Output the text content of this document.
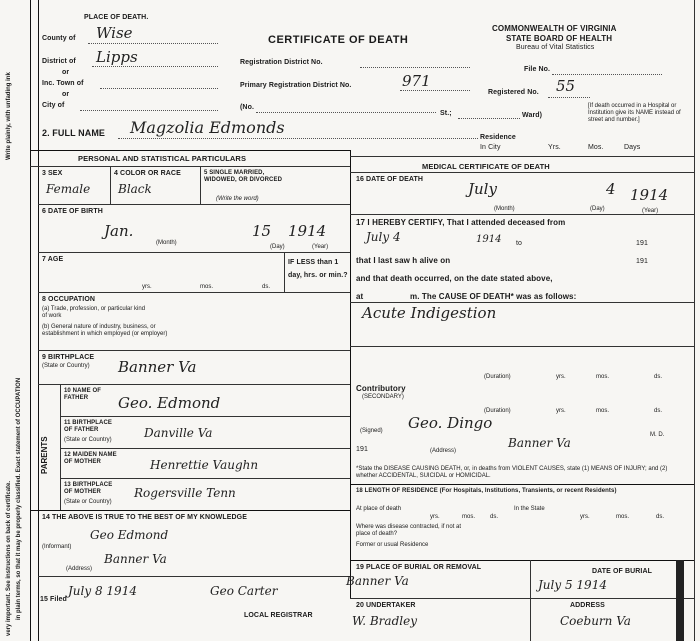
very important. See instructions on back of certificate. in plain terms, so that it may be properly classified. Exact statement of OCCUPATION
Write plainly, with unfading ink
PLACE OF DEATH.
County of Wise
District of Lipps
or
Inc. Town of
or
City of
CERTIFICATE OF DEATH
Registration District No.
Primary Registration District No.	971
(No.
St.;	Ward)
COMMONWEALTH OF VIRGINIA
STATE BOARD OF HEALTH
Bureau of Vital Statistics
File No.
Registered No. 55
[If death occurred in a Hospital or Institution give its NAME instead of street and number.]
2. FULL NAME Magzolia Edmonds
Residence
In City	Yrs.	Mos.	Days
PERSONAL AND STATISTICAL PARTICULARS
3 SEX
Female
4 COLOR OR RACE
Black
5 SINGLE MARRIED, WIDOWED, OR DIVORCED
(Write the word)
6 DATE OF BIRTH
Jan.
(Month)
15
(Day)
1914
(Year)
7 AGE
yrs.	mos.	ds.
IF LESS than 1 day, hrs. or min.?
8 OCCUPATION
(a) Trade, profession, or particular kind of work
(b) General nature of industry, business, or establishment in which employed (or employer)
9 BIRTHPLACE
(State or Country) Banner Va
PARENTS
10 NAME OF FATHER	Geo. Edmond
11 BIRTHPLACE OF FATHER
(State or Country)	Danville Va
12 MAIDEN NAME OF MOTHER	Henrettie Vaughn
13 BIRTHPLACE OF MOTHER
(State or Country)
Rogersville Tenn
14 THE ABOVE IS TRUE TO THE BEST OF MY KNOWLEDGE
(Informant)
Geo Edmond
(Address)
Banner Va
15 Filed
July 8 1914	Geo Carter
LOCAL REGISTRAR
MEDICAL CERTIFICATE OF DEATH
16 DATE OF DEATH
July
(Month)
4
(Day)
1914
(Year)
17 I HEREBY CERTIFY, That I attended deceased from
July 4	1914 to	191
that I last saw h alive on	191
and that death occurred, on the date stated above,
at	m. The CAUSE OF DEATH* was as follows:
Acute Indigestion
(Duration)	yrs.	mos.	ds.
Contributory
(SECONDARY)
(Duration)	yrs.	mos.	ds.
(Signed) Geo. Dingo
M. D.
191	(Address)
Banner Va
*State the DISEASE CAUSING DEATH, or, in deaths from VIOLENT CAUSES, state (1) MEANS OF INJURY; and (2) whether ACCIDENTAL, SUICIDAL or HOMICIDAL.
18 LENGTH OF RESIDENCE (For Hospitals, Institutions, Transients, or recent Residents)
At place of death
yrs.	mos. ds.
In the State
yrs.	mos.	ds.
Where was disease contracted, if not at place of death?
Former or usual Residence
19 PLACE OF BURIAL OR REMOVAL
Banner Va
DATE OF BURIAL
July 5 1914
20 UNDERTAKER
W. Bradley
ADDRESS
Coeburn Va
